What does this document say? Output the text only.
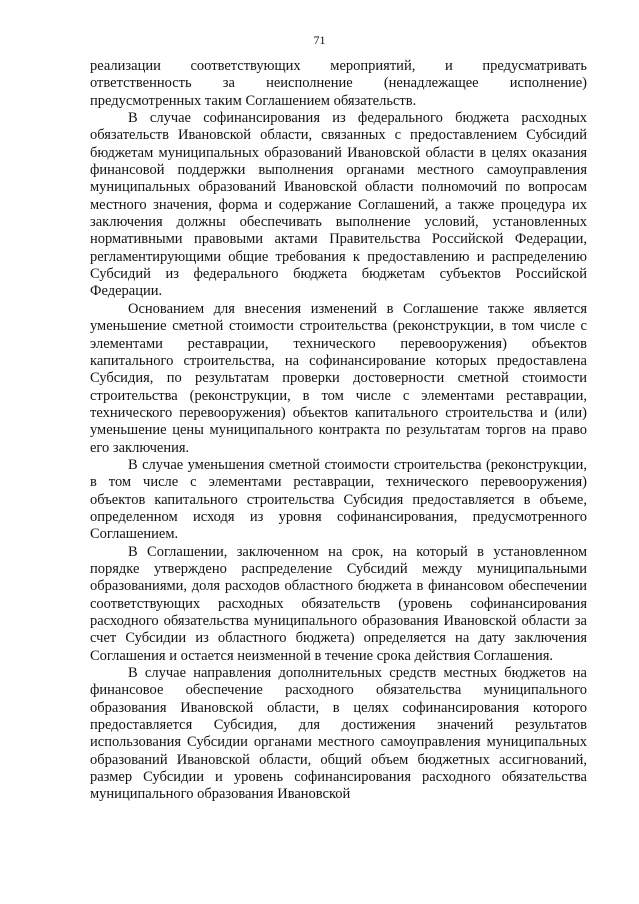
71

реализации соответствующих мероприятий, и предусматривать ответственность за неисполнение (ненадлежащее исполнение) предусмотренных таким Соглашением обязательств.

В случае софинансирования из федерального бюджета расходных обязательств Ивановской области, связанных с предоставлением Субсидий бюджетам муниципальных образований Ивановской области в целях оказания финансовой поддержки выполнения органами местного самоуправления муниципальных образований Ивановской области полномочий по вопросам местного значения, форма и содержание Соглашений, а также процедура их заключения должны обеспечивать выполнение условий, установленных нормативными правовыми актами Правительства Российской Федерации, регламентирующими общие требования к предоставлению и распределению Субсидий из федерального бюджета бюджетам субъектов Российской Федерации.

Основанием для внесения изменений в Соглашение также является уменьшение сметной стоимости строительства (реконструкции, в том числе с элементами реставрации, технического перевооружения) объектов капитального строительства, на софинансирование которых предоставлена Субсидия, по результатам проверки достоверности сметной стоимости строительства (реконструкции, в том числе с элементами реставрации, технического перевооружения) объектов капитального строительства и (или) уменьшение цены муниципального контракта по результатам торгов на право его заключения.

В случае уменьшения сметной стоимости строительства (реконструкции, в том числе с элементами реставрации, технического перевооружения) объектов капитального строительства Субсидия предоставляется в объеме, определенном исходя из уровня софинансирования, предусмотренного Соглашением.

В Соглашении, заключенном на срок, на который в установленном порядке утверждено распределение Субсидий между муниципальными образованиями, доля расходов областного бюджета в финансовом обеспечении соответствующих расходных обязательств (уровень софинансирования расходного обязательства муниципального образования Ивановской области за счет Субсидии из областного бюджета) определяется на дату заключения Соглашения и остается неизменной в течение срока действия Соглашения.

В случае направления дополнительных средств местных бюджетов на финансовое обеспечение расходного обязательства муниципального образования Ивановской области, в целях софинансирования которого предоставляется Субсидия, для достижения значений результатов использования Субсидии органами местного самоуправления муниципальных образований Ивановской области, общий объем бюджетных ассигнований, размер Субсидии и уровень софинансирования расходного обязательства муниципального образования Ивановской
